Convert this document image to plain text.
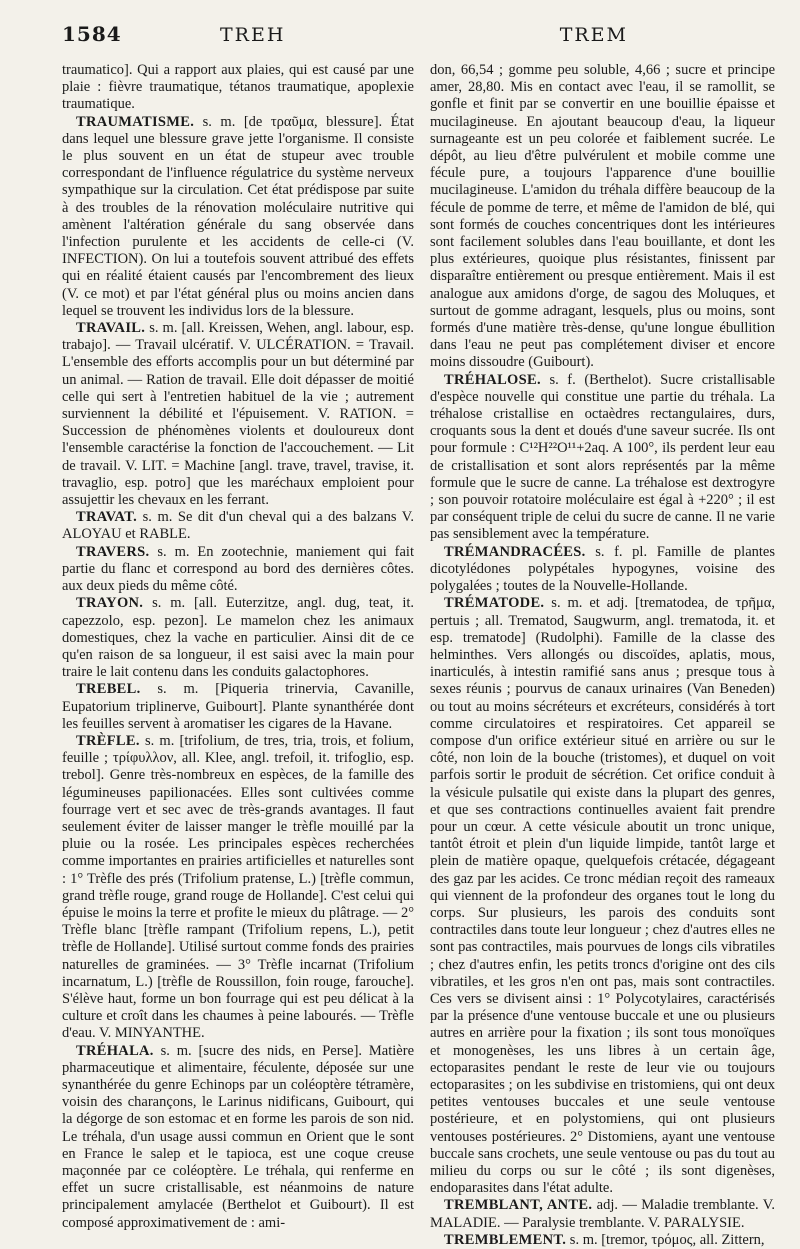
1584	TREH	TREM

traumatico]. Qui a rapport aux plaies, qui est causé par une plaie : fièvre traumatique, tétanos traumatique, apoplexie traumatique.

TRAUMATISME. s. m. [de τραῦμα, blessure]. État dans lequel une blessure grave jette l'organisme. Il consiste le plus souvent en un état de stupeur avec trouble correspondant de l'influence régulatrice du système nerveux sympathique sur la circulation. Cet état prédispose par suite à des troubles de la rénovation moléculaire nutritive qui amènent l'altération générale du sang observée dans l'infection purulente et les accidents de celle-ci (V. INFECTION). On lui a toutefois souvent attribué des effets qui en réalité étaient causés par l'encombrement des lieux (V. ce mot) et par l'état général plus ou moins ancien dans lequel se trouvent les individus lors de la blessure.

TRAVAIL. s. m. [all. Kreissen, Wehen, angl. labour, esp. trabajo]. — Travail ulcératif. V. ULCÉRATION. = Travail. L'ensemble des efforts accomplis pour un but déterminé par un animal. — Ration de travail. Elle doit dépasser de moitié celle qui sert à l'entretien habituel de la vie ; autrement surviennent la débilité et l'épuisement. V. RATION. = Succession de phénomènes violents et douloureux dont l'ensemble caractérise la fonction de l'accouchement. — Lit de travail. V. LIT. = Machine [angl. trave, travel, travise, it. travaglio, esp. potro] que les maréchaux emploient pour assujettir les chevaux en les ferrant.

TRAVAT. s. m. Se dit d'un cheval qui a des balzans V. ALOYAU et RABLE.

TRAVERS. s. m. En zootechnie, maniement qui fait partie du flanc et correspond au bord des dernières côtes. aux deux pieds du même côté.

TRAYON. s. m. [all. Euterzitze, angl. dug, teat, it. capezzolo, esp. pezon]. Le mamelon chez les animaux domestiques, chez la vache en particulier. Ainsi dit de ce qu'en raison de sa longueur, il est saisi avec la main pour traire le lait contenu dans les conduits galactophores.

TREBEL. s. m. [Piqueria trinervia, Cavanille, Eupatorium triplinerve, Guibourt]. Plante synanthérée dont les feuilles servent à aromatiser les cigares de la Havane.

TRÈFLE. s. m. [trifolium, de tres, tria, trois, et folium, feuille ; τρίφυλλον, all. Klee, angl. trefoil, it. trifoglio, esp. trebol]. Genre très-nombreux en espèces, de la famille des légumineuses papilionacées. Elles sont cultivées comme fourrage vert et sec avec de très-grands avantages. Il faut seulement éviter de laisser manger le trèfle mouillé par la pluie ou la rosée. Les principales espèces recherchées comme importantes en prairies artificielles et naturelles sont : 1° Trèfle des prés (Trifolium pratense, L.) [trèfle commun, grand trèfle rouge, grand rouge de Hollande]. C'est celui qui épuise le moins la terre et profite le mieux du plâtrage. — 2° Trèfle blanc [trèfle rampant (Trifolium repens, L.), petit trèfle de Hollande]. Utilisé surtout comme fonds des prairies naturelles de graminées. — 3° Trèfle incarnat (Trifolium incarnatum, L.) [trèfle de Roussillon, foin rouge, farouche]. S'élève haut, forme un bon fourrage qui est peu délicat à la culture et croît dans les chaumes à peine labourés. — Trèfle d'eau. V. MINYANTHE.

TRÉHALA. s. m. [sucre des nids, en Perse]. Matière pharmaceutique et alimentaire, féculente, déposée sur une synanthérée du genre Echinops par un coléoptère tétramère, voisin des charançons, le Larinus nidificans, Guibourt, qui la dégorge de son estomac et en forme les parois de son nid. Le tréhala, d'un usage aussi commun en Orient que le sont en France le salep et le tapioca, est une coque creuse maçonnée par ce coléoptère. Le tréhala, qui renferme en effet un sucre cristallisable, est néanmoins de nature principalement amylacée (Berthelot et Guibourt). Il est composé approximativement de : ami-

don, 66,54 ; gomme peu soluble, 4,66 ; sucre et principe amer, 28,80. Mis en contact avec l'eau, il se ramollit, se gonfle et finit par se convertir en une bouillie épaisse et mucilagineuse. En ajoutant beaucoup d'eau, la liqueur surnageante est un peu colorée et faiblement sucrée. Le dépôt, au lieu d'être pulvérulent et mobile comme une fécule pure, a toujours l'apparence d'une bouillie mucilagineuse. L'amidon du tréhala diffère beaucoup de la fécule de pomme de terre, et même de l'amidon de blé, qui sont formés de couches concentriques dont les intérieures sont facilement solubles dans l'eau bouillante, et dont les plus extérieures, quoique plus résistantes, finissent par disparaître entièrement ou presque entièrement. Mais il est analogue aux amidons d'orge, de sagou des Moluques, et surtout de gomme adragant, lesquels, plus ou moins, sont formés d'une matière très-dense, qu'une longue ébullition dans l'eau ne peut pas complétement diviser et encore moins dissoudre (Guibourt).

TRÉHALOSE. s. f. (Berthelot). Sucre cristallisable d'espèce nouvelle qui constitue une partie du tréhala. La tréhalose cristallise en octaèdres rectangulaires, durs, croquants sous la dent et doués d'une saveur sucrée. Ils ont pour formule : C¹²H²²O¹¹+2aq. A 100°, ils perdent leur eau de cristallisation et sont alors représentés par la même formule que le sucre de canne. La tréhalose est dextrogyre ; son pouvoir rotatoire moléculaire est égal à +220° ; il est par conséquent triple de celui du sucre de canne. Il ne varie pas sensiblement avec la température.

TRÉMANDRACÉES. s. f. pl. Famille de plantes dicotylédones polypétales hypogynes, voisine des polygalées ; toutes de la Nouvelle-Hollande.

TRÉMATODE. s. m. et adj. [trematodea, de τρῆμα, pertuis ; all. Trematod, Saugwurm, angl. trematoda, it. et esp. trematode] (Rudolphi). Famille de la classe des helminthes. Vers allongés ou discoïdes, aplatis, mous, inarticulés, à intestin ramifié sans anus ; presque tous à sexes réunis ; pourvus de canaux urinaires (Van Beneden) ou tout au moins sécréteurs et excréteurs, considérés à tort comme circulatoires et respiratoires. Cet appareil se compose d'un orifice extérieur situé en arrière ou sur le côté, non loin de la bouche (tristomes), et duquel on voit parfois sortir le produit de sécrétion. Cet orifice conduit à la vésicule pulsatile qui existe dans la plupart des genres, et que ses contractions continuelles avaient fait prendre pour un cœur. A cette vésicule aboutit un tronc unique, tantôt étroit et plein d'un liquide limpide, tantôt large et plein de matière opaque, quelquefois crétacée, dégageant des gaz par les acides. Ce tronc médian reçoit des rameaux qui viennent de la profondeur des organes tout le long du corps. Sur plusieurs, les parois des conduits sont contractiles dans toute leur longueur ; chez d'autres elles ne sont pas contractiles, mais pourvues de longs cils vibratiles ; chez d'autres enfin, les petits troncs d'origine ont des cils vibratiles, et les gros n'en ont pas, mais sont contractiles. Ces vers se divisent ainsi : 1° Polycotylaires, caractérisés par la présence d'une ventouse buccale et une ou plusieurs autres en arrière pour la fixation ; ils sont tous monoïques et monogenèses, les uns libres à un certain âge, ectoparasites pendant le reste de leur vie ou toujours ectoparasites ; on les subdivise en tristomiens, qui ont deux petites ventouses buccales et une seule ventouse postérieure, et en polystomiens, qui ont plusieurs ventouses postérieures. 2° Distomiens, ayant une ventouse buccale sans crochets, une seule ventouse ou pas du tout au milieu du corps ou sur le côté ; ils sont digenèses, endoparasites dans l'état adulte.

TREMBLANT, ANTE. adj. — Maladie tremblante. V. MALADIE. — Paralysie tremblante. V. PARALYSIE.

TREMBLEMENT. s. m. [tremor, τρόμος, all. Zittern,
